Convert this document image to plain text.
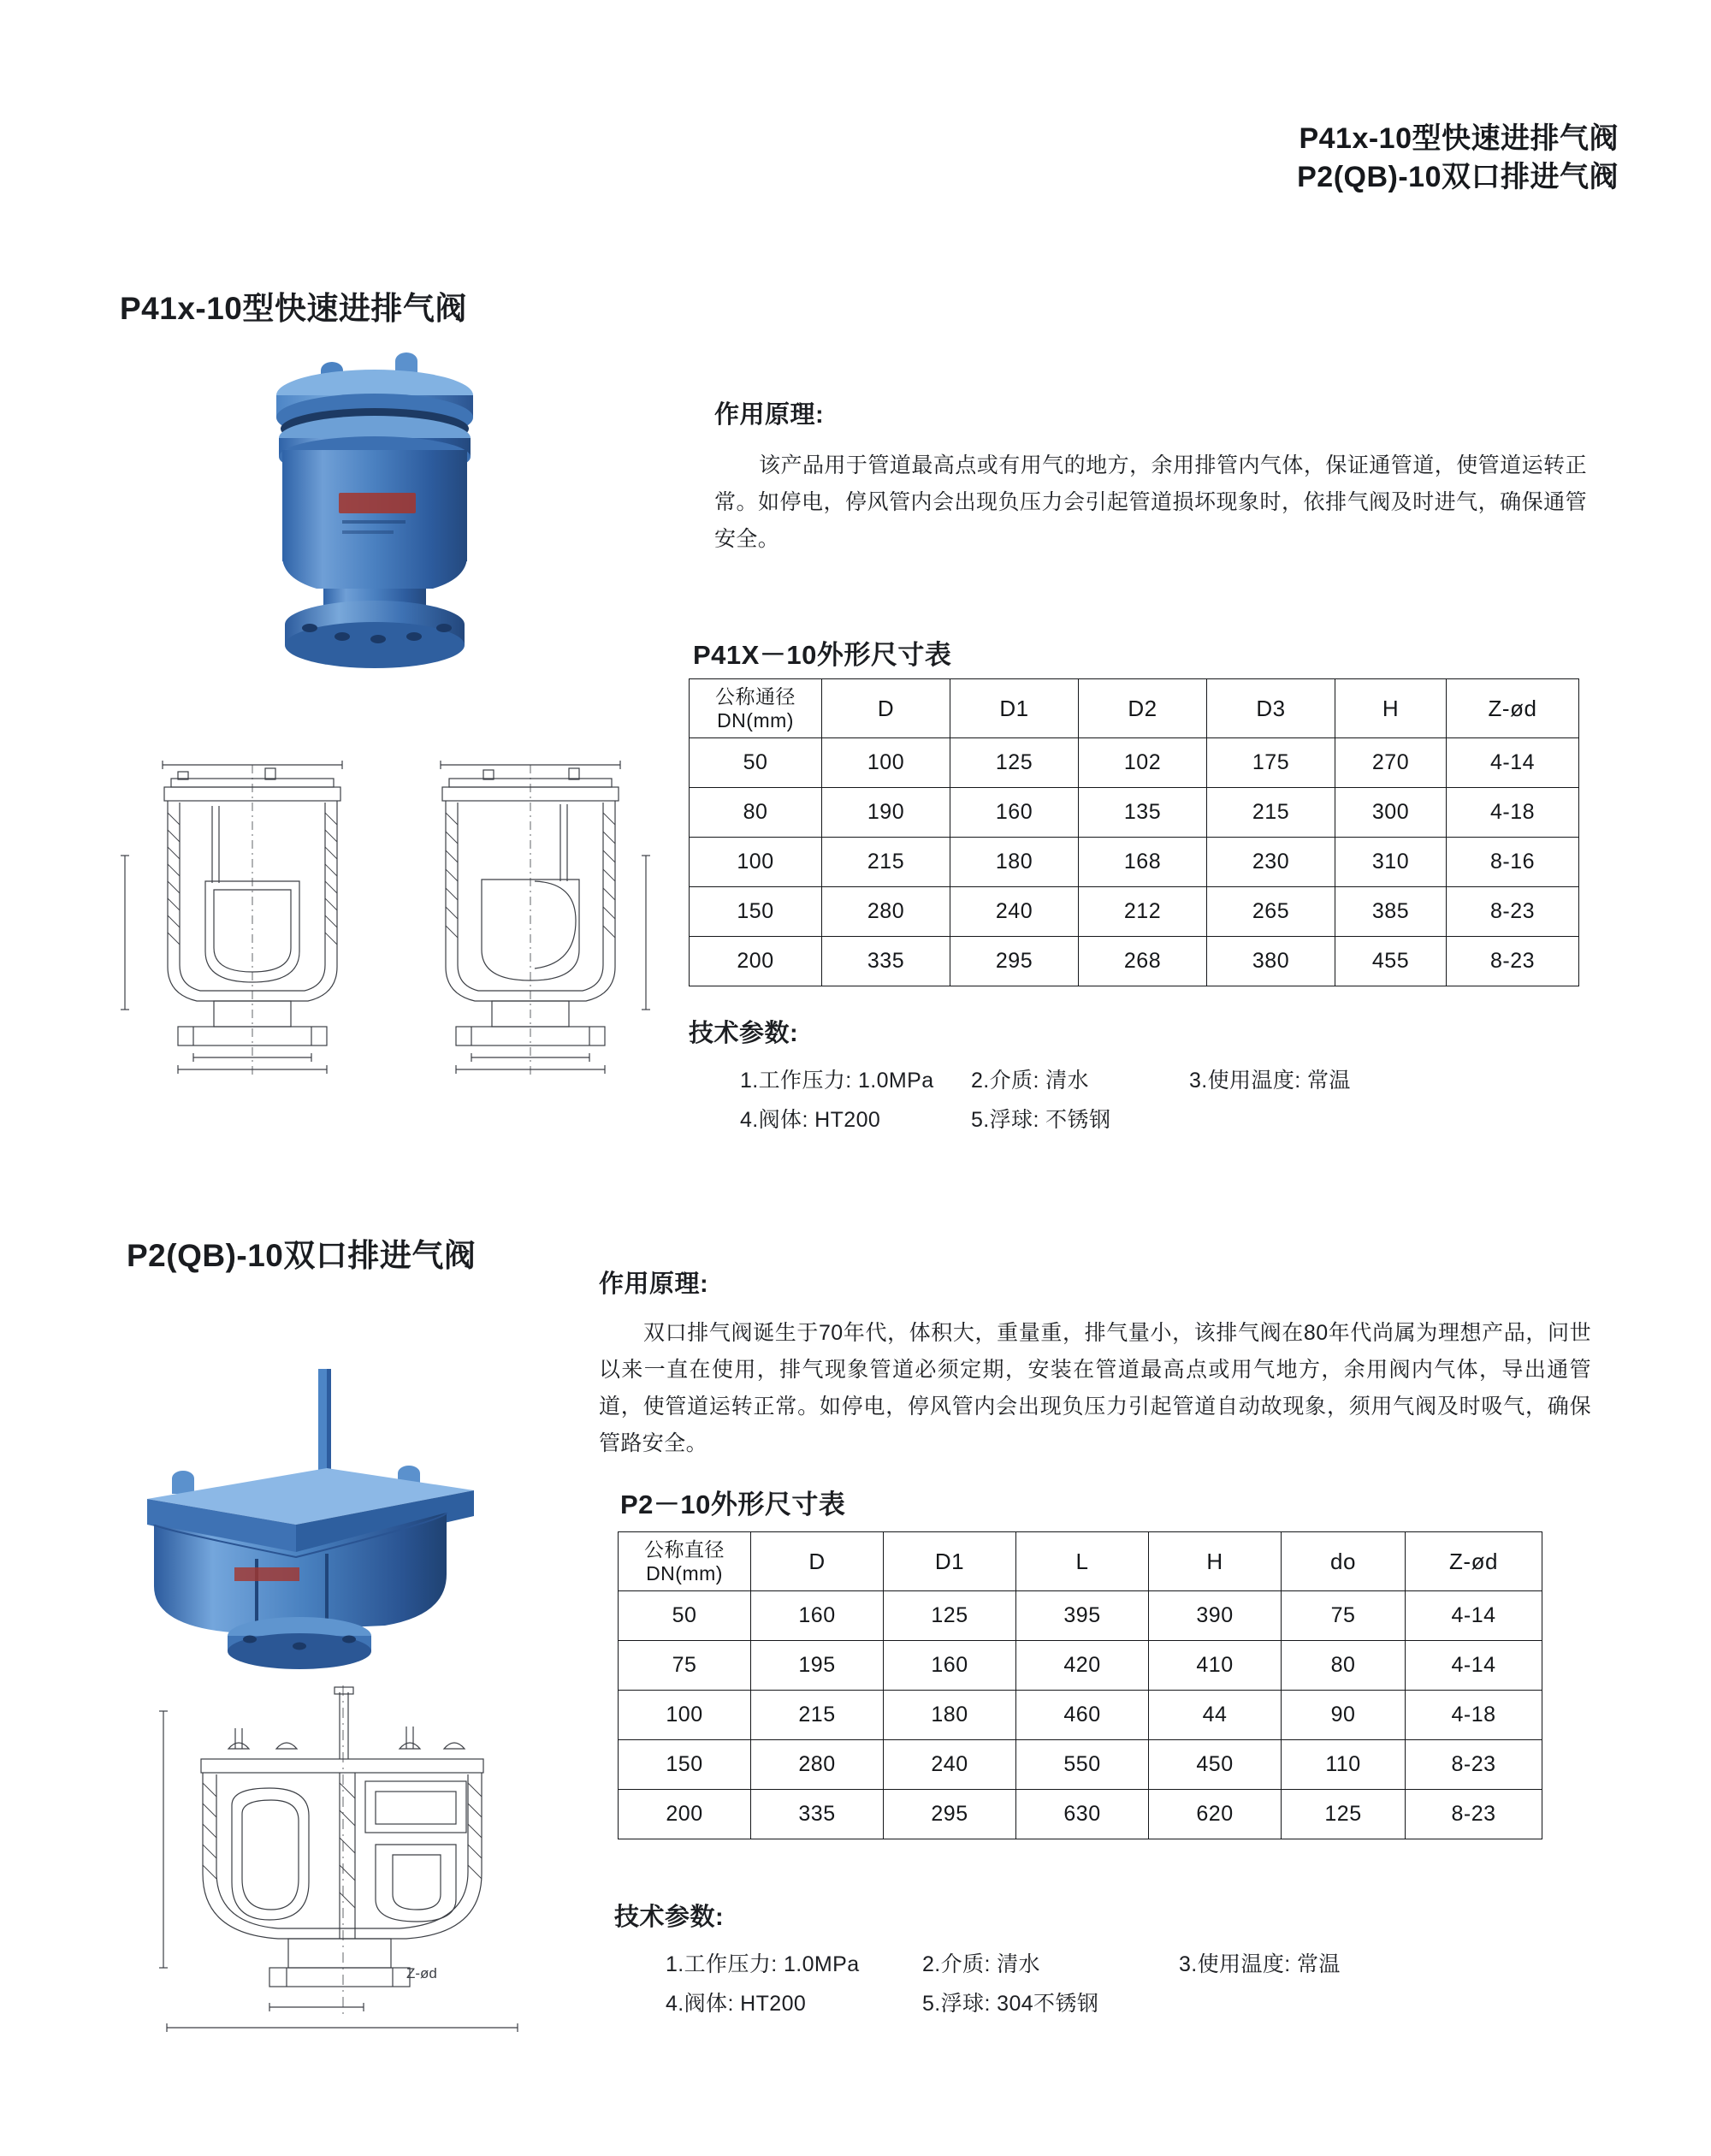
P41x-10型快速进排气阀
P2(QB)-10双口排进气阀
P41x-10型快速进排气阀
作用原理:
该产品用于管道最高点或有用气的地方，余用排管内气体，保证通管道，使管道运转正常。如停电，停风管内会出现负压力会引起管道损坏现象时，依排气阀及时进气，确保通管安全。
P41X－10外形尺寸表
公称通径
DN(mm)	D	D1	D2	D3	H	Z-ød
50	100	125	102	175	270	4-14
80	190	160	135	215	300	4-18
100	215	180	168	230	310	8-16
150	280	240	212	265	385	8-23
200	335	295	268	380	455	8-23
技术参数:
1.工作压力: 1.0MPa	2.介质: 清水	3.使用温度: 常温
4.阀体: HT200	5.浮球: 不锈钢
P2(QB)-10双口排进气阀
Z-ød
作用原理:
双口排气阀诞生于70年代，体积大，重量重，排气量小，该排气阀在80年代尚属为理想产品，问世以来一直在使用，排气现象管道必须定期，安装在管道最高点或用气地方，余用阀内气体，导出通管道，使管道运转正常。如停电，停风管内会出现负压力引起管道自动故现象，须用气阀及时吸气，确保管路安全。
P2－10外形尺寸表
公称直径
DN(mm)	D	D1	L	H	do	Z-ød
50	160	125	395	390	75	4-14
75	195	160	420	410	80	4-14
100	215	180	460	44	90	4-18
150	280	240	550	450	110	8-23
200	335	295	630	620	125	8-23
技术参数:
1.工作压力: 1.0MPa	2.介质: 清水	3.使用温度: 常温
4.阀体: HT200	5.浮球: 304不锈钢
